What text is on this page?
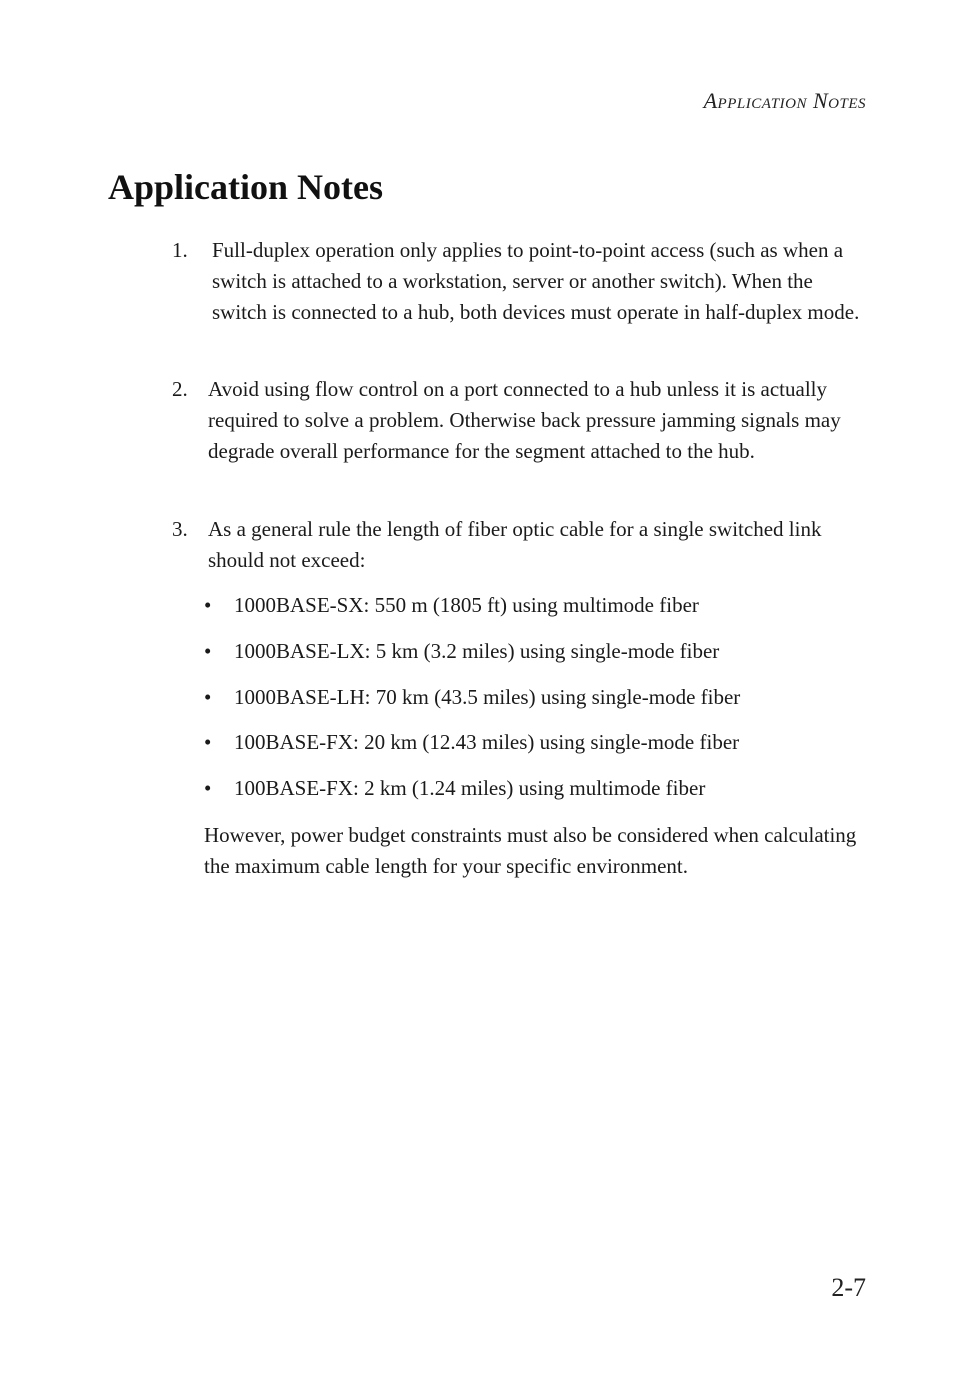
Application Notes
Application Notes
1. Full-duplex operation only applies to point-to-point access (such as when a switch is attached to a workstation, server or another switch). When the switch is connected to a hub, both devices must operate in half-duplex mode.
2. Avoid using flow control on a port connected to a hub unless it is actually required to solve a problem. Otherwise back pressure jamming signals may degrade overall performance for the segment attached to the hub.
3. As a general rule the length of fiber optic cable for a single switched link should not exceed:
• 1000BASE-SX: 550 m (1805 ft) using multimode fiber
• 1000BASE-LX: 5 km (3.2 miles) using single-mode fiber
• 1000BASE-LH: 70 km (43.5 miles) using single-mode fiber
• 100BASE-FX: 20 km (12.43 miles) using single-mode fiber
• 100BASE-FX: 2 km (1.24 miles) using multimode fiber
However, power budget constraints must also be considered when calculating the maximum cable length for your specific environment.
2-7
